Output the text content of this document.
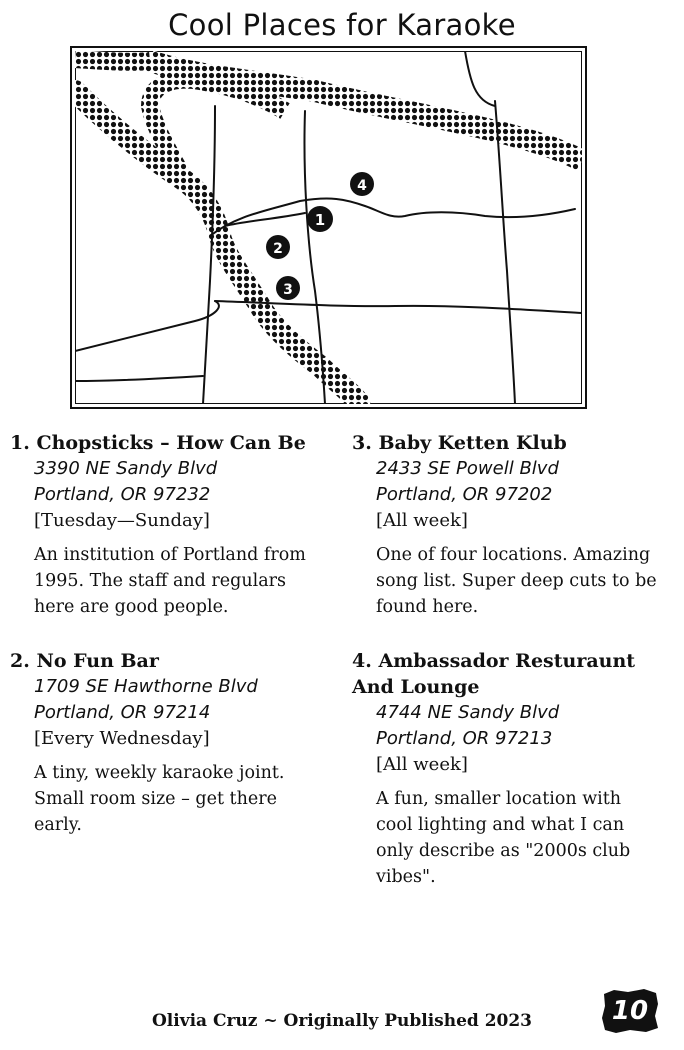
Cool Places for Karaoke
1
2
3
4
1. Chopsticks – How Can Be
3390 NE Sandy Blvd
Portland, OR 97232
[Tuesday—Sunday]

An institution of Portland from 1995. The staff and regulars here are good people.

2. No Fun Bar
1709 SE Hawthorne Blvd
Portland, OR 97214
[Every Wednesday]

A tiny, weekly karaoke joint. Small room size – get there early.

3. Baby Ketten Klub
2433 SE Powell Blvd
Portland, OR 97202
[All week]

One of four locations. Amazing song list. Super deep cuts to be found here.

4. Ambassador Resturaunt And Lounge
4744 NE Sandy Blvd
Portland, OR 97213
[All week]

A fun, smaller location with cool lighting and what I can only describe as "2000s club vibes".

Olivia Cruz ~ Originally Published 2023	10
